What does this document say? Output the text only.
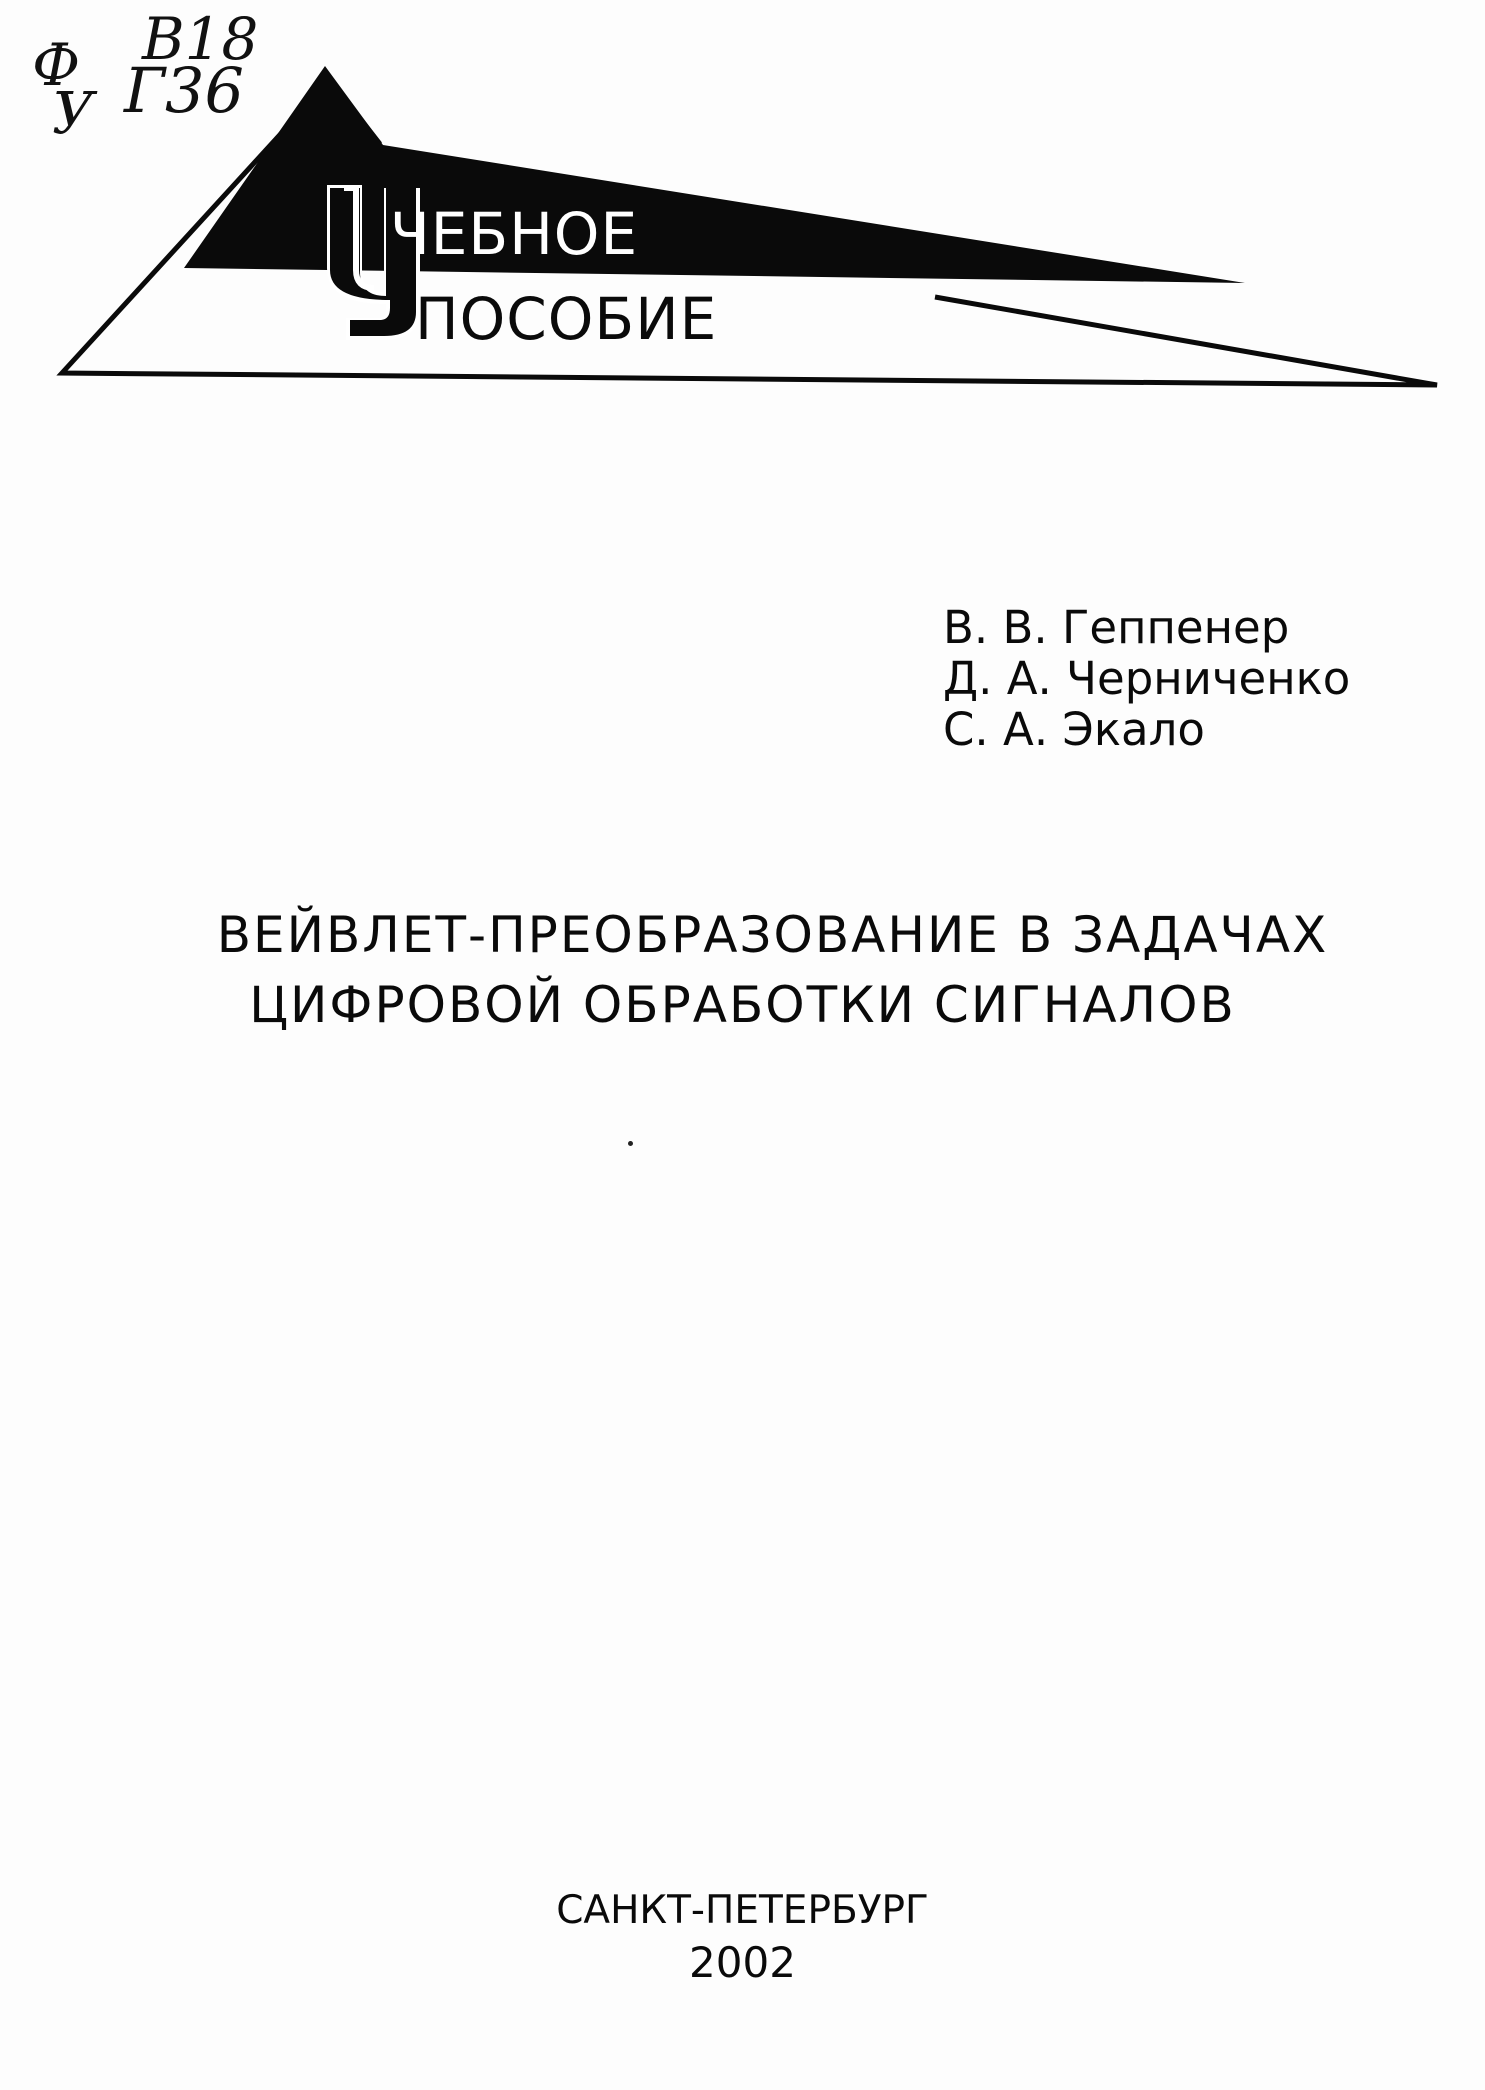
Ф В18
У Г36
ЧЕБНОЕ
ПОСОБИЕ
В. В. Геппенер
Д. А. Черниченко
С. А. Экало
ВЕЙВЛЕТ-ПРЕОБРАЗОВАНИЕ В ЗАДАЧАХ
ЦИФРОВОЙ ОБРАБОТКИ СИГНАЛОВ
САНКТ-ПЕТЕРБУРГ
2002
